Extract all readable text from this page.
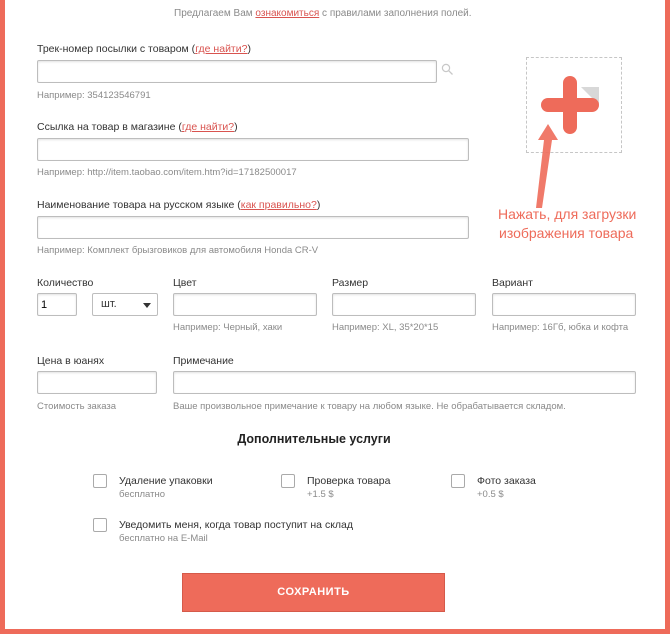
Предлагаем Вам ознакомиться с правилами заполнения полей.
Трек-номер посылки с товаром (где найти?)
Например: 354123546791
Ссылка на товар в магазине (где найти?)
Например: http://item.taobao.com/item.htm?id=17182500017
Наименование товара на русском языке (как правильно?)
Например: Комплект брызговиков для автомобиля Honda CR-V
Нажать, для загрузки
изображения товара
Количество
1
шт.
Цвет
Например: Черный, хаки
Размер
Например: XL, 35*20*15
Вариант
Например: 16Гб, юбка и кофта
Цена в юанях
Стоимость заказа
Примечание
Ваше произвольное примечание к товару на любом языке. Не обрабатывается складом.
Дополнительные услуги
Удаление упаковки
бесплатно
Проверка товара
+1.5 $
Фото заказа
+0.5 $
Уведомить меня, когда товар поступит на склад
бесплатно на E-Mail
СОХРАНИТЬ
